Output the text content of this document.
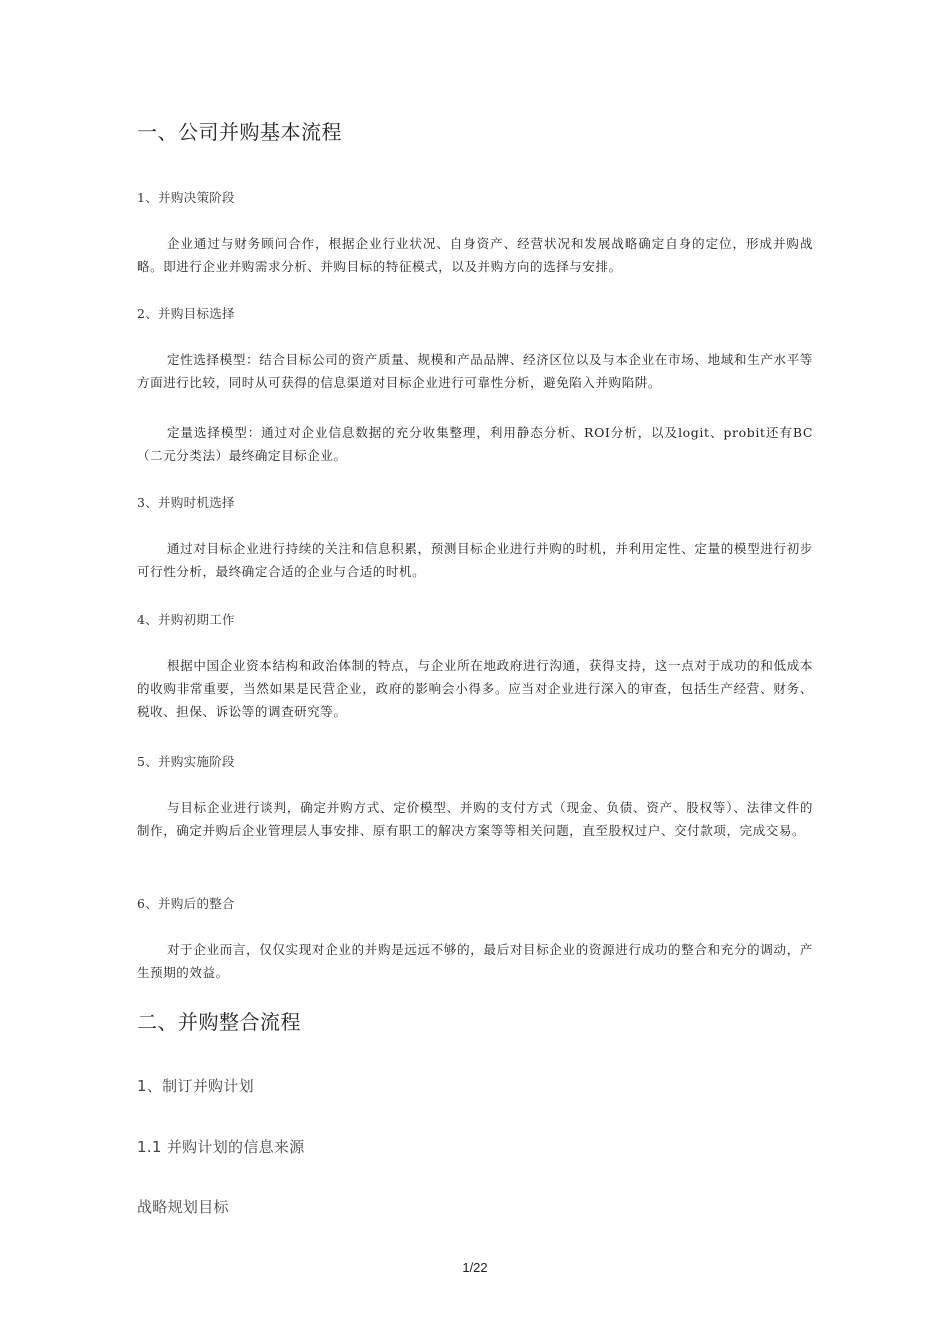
一、公司并购基本流程
1、并购决策阶段

企业通过与财务顾问合作，根据企业行业状况、自身资产、经营状况和发展战略确定自身的定位，形成并购战略。即进行企业并购需求分析、并购目标的特征模式，以及并购方向的选择与安排。

2、并购目标选择

定性选择模型：结合目标公司的资产质量、规模和产品品牌、经济区位以及与本企业在市场、地域和生产水平等方面进行比较，同时从可获得的信息渠道对目标企业进行可靠性分析，避免陷入并购陷阱。

定量选择模型：通过对企业信息数据的充分收集整理，利用静态分析、ROI分析，以及logit、probit还有BC（二元分类法）最终确定目标企业。

3、并购时机选择

通过对目标企业进行持续的关注和信息积累，预测目标企业进行并购的时机，并利用定性、定量的模型进行初步可行性分析，最终确定合适的企业与合适的时机。

4、并购初期工作

根据中国企业资本结构和政治体制的特点，与企业所在地政府进行沟通，获得支持，这一点对于成功的和低成本的收购非常重要，当然如果是民营企业，政府的影响会小得多。应当对企业进行深入的审查，包括生产经营、财务、税收、担保、诉讼等的调查研究等。

5、并购实施阶段

与目标企业进行谈判，确定并购方式、定价模型、并购的支付方式（现金、负债、资产、股权等）、法律文件的制作，确定并购后企业管理层人事安排、原有职工的解决方案等等相关问题，直至股权过户、交付款项，完成交易。

6、并购后的整合

对于企业而言，仅仅实现对企业的并购是远远不够的，最后对目标企业的资源进行成功的整合和充分的调动，产生预期的效益。

二、并购整合流程
1、制订并购计划
1.1 并购计划的信息来源
战略规划目标
1/22
